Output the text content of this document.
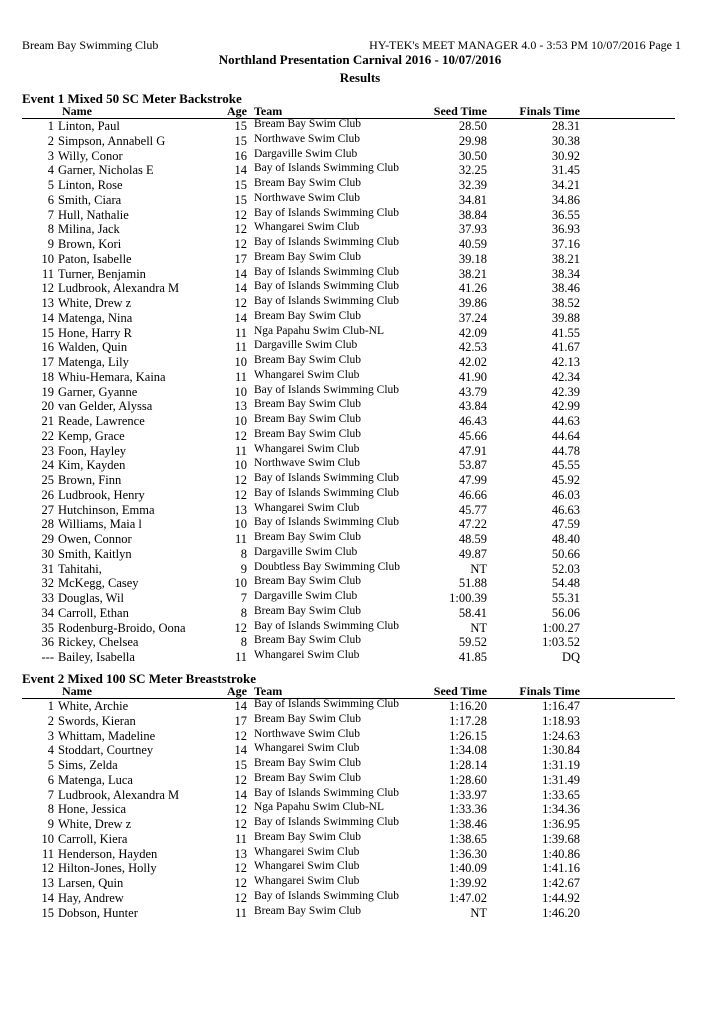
Bream Bay Swimming Club	HY-TEK's MEET MANAGER 4.0 - 3:53 PM 10/07/2016 Page 1
Northland Presentation Carnival 2016 - 10/07/2016
Results
Event 1 Mixed 50 SC Meter Backstroke
Name	Age Team	Seed Time	Finals Time
1 Linton, Paul	15 Bream Bay Swim Club	28.50	28.31
2 Simpson, Annabell G	15 Northwave Swim Club	29.98	30.38
3 Willy, Conor	16 Dargaville Swim Club	30.50	30.92
4 Garner, Nicholas E	14 Bay of Islands Swimming Club	32.25	31.45
5 Linton, Rose	15 Bream Bay Swim Club	32.39	34.21
6 Smith, Ciara	15 Northwave Swim Club	34.81	34.86
7 Hull, Nathalie	12 Bay of Islands Swimming Club	38.84	36.55
8 Milina, Jack	12 Whangarei Swim Club	37.93	36.93
9 Brown, Kori	12 Bay of Islands Swimming Club	40.59	37.16
10 Paton, Isabelle	17 Bream Bay Swim Club	39.18	38.21
11 Turner, Benjamin	14 Bay of Islands Swimming Club	38.21	38.34
12 Ludbrook, Alexandra M	14 Bay of Islands Swimming Club	41.26	38.46
13 White, Drew z	12 Bay of Islands Swimming Club	39.86	38.52
14 Matenga, Nina	14 Bream Bay Swim Club	37.24	39.88
15 Hone, Harry R	11 Nga Papahu Swim Club-NL	42.09	41.55
16 Walden, Quin	11 Dargaville Swim Club	42.53	41.67
17 Matenga, Lily	10 Bream Bay Swim Club	42.02	42.13
18 Whiu-Hemara, Kaina	11 Whangarei Swim Club	41.90	42.34
19 Garner, Gyanne	10 Bay of Islands Swimming Club	43.79	42.39
20 van Gelder, Alyssa	13 Bream Bay Swim Club	43.84	42.99
21 Reade, Lawrence	10 Bream Bay Swim Club	46.43	44.63
22 Kemp, Grace	12 Bream Bay Swim Club	45.66	44.64
23 Foon, Hayley	11 Whangarei Swim Club	47.91	44.78
24 Kim, Kayden	10 Northwave Swim Club	53.87	45.55
25 Brown, Finn	12 Bay of Islands Swimming Club	47.99	45.92
26 Ludbrook, Henry	12 Bay of Islands Swimming Club	46.66	46.03
27 Hutchinson, Emma	13 Whangarei Swim Club	45.77	46.63
28 Williams, Maia l	10 Bay of Islands Swimming Club	47.22	47.59
29 Owen, Connor	11 Bream Bay Swim Club	48.59	48.40
30 Smith, Kaitlyn	8 Dargaville Swim Club	49.87	50.66
31 Tahitahi,	9 Doubtless Bay Swimming Club	NT	52.03
32 McKegg, Casey	10 Bream Bay Swim Club	51.88	54.48
33 Douglas, Wil	7 Dargaville Swim Club	1:00.39	55.31
34 Carroll, Ethan	8 Bream Bay Swim Club	58.41	56.06
35 Rodenburg-Broido, Oona	12 Bay of Islands Swimming Club	NT	1:00.27
36 Rickey, Chelsea	8 Bream Bay Swim Club	59.52	1:03.52
--- Bailey, Isabella	11 Whangarei Swim Club	41.85	DQ
Event 2 Mixed 100 SC Meter Breaststroke
Name	Age Team	Seed Time	Finals Time
1 White, Archie	14 Bay of Islands Swimming Club	1:16.20	1:16.47
2 Swords, Kieran	17 Bream Bay Swim Club	1:17.28	1:18.93
3 Whittam, Madeline	12 Northwave Swim Club	1:26.15	1:24.63
4 Stoddart, Courtney	14 Whangarei Swim Club	1:34.08	1:30.84
5 Sims, Zelda	15 Bream Bay Swim Club	1:28.14	1:31.19
6 Matenga, Luca	12 Bream Bay Swim Club	1:28.60	1:31.49
7 Ludbrook, Alexandra M	14 Bay of Islands Swimming Club	1:33.97	1:33.65
8 Hone, Jessica	12 Nga Papahu Swim Club-NL	1:33.36	1:34.36
9 White, Drew z	12 Bay of Islands Swimming Club	1:38.46	1:36.95
10 Carroll, Kiera	11 Bream Bay Swim Club	1:38.65	1:39.68
11 Henderson, Hayden	13 Whangarei Swim Club	1:36.30	1:40.86
12 Hilton-Jones, Holly	12 Whangarei Swim Club	1:40.09	1:41.16
13 Larsen, Quin	12 Whangarei Swim Club	1:39.92	1:42.67
14 Hay, Andrew	12 Bay of Islands Swimming Club	1:47.02	1:44.92
15 Dobson, Hunter	11 Bream Bay Swim Club	NT	1:46.20
